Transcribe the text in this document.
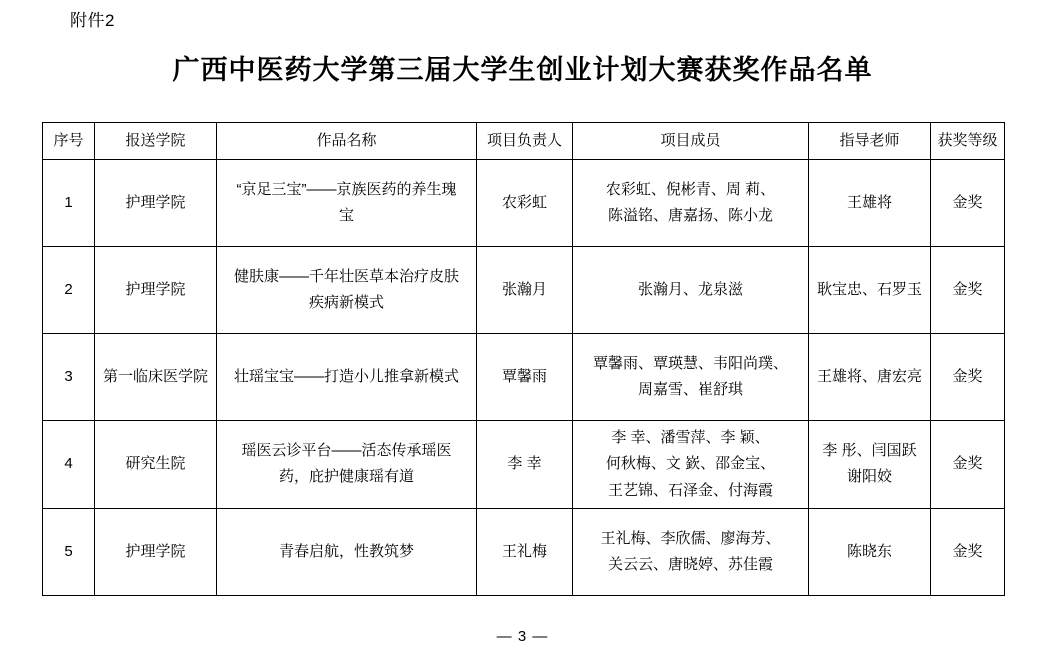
附件2
广西中医药大学第三届大学生创业计划大赛获奖作品名单
序号	报送学院	作品名称	项目负责人	项目成员	指导老师	获奖等级
1	护理学院	“京足三宝”——京族医药的养生瑰
宝	农彩虹	农彩虹、倪彬青、周 莉、
陈溢铭、唐嘉扬、陈小龙	王雄将	金奖
2	护理学院	健肤康——千年壮医草本治疗皮肤
疾病新模式	张瀚月	张瀚月、龙泉滋	耿宝忠、石罗玉	金奖
3	第一临床医学院	壮瑶宝宝——打造小儿推拿新模式	覃馨雨	覃馨雨、覃瑛慧、韦阳尚璞、
周嘉雪、崔舒琪	王雄将、唐宏亮	金奖
4	研究生院	瑶医云诊平台——活态传承瑶医
药，庇护健康瑶有道	李 幸	李 幸、潘雪萍、李 颖、
何秋梅、文 嶔、邵金宝、
王艺锦、石泽金、付海霞	李 彤、闫国跃
谢阳姣	金奖
5	护理学院	青春启航，性教筑梦	王礼梅	王礼梅、李欣儒、廖海芳、
关云云、唐晓婷、苏佳霞	陈晓东	金奖
— 3 —
